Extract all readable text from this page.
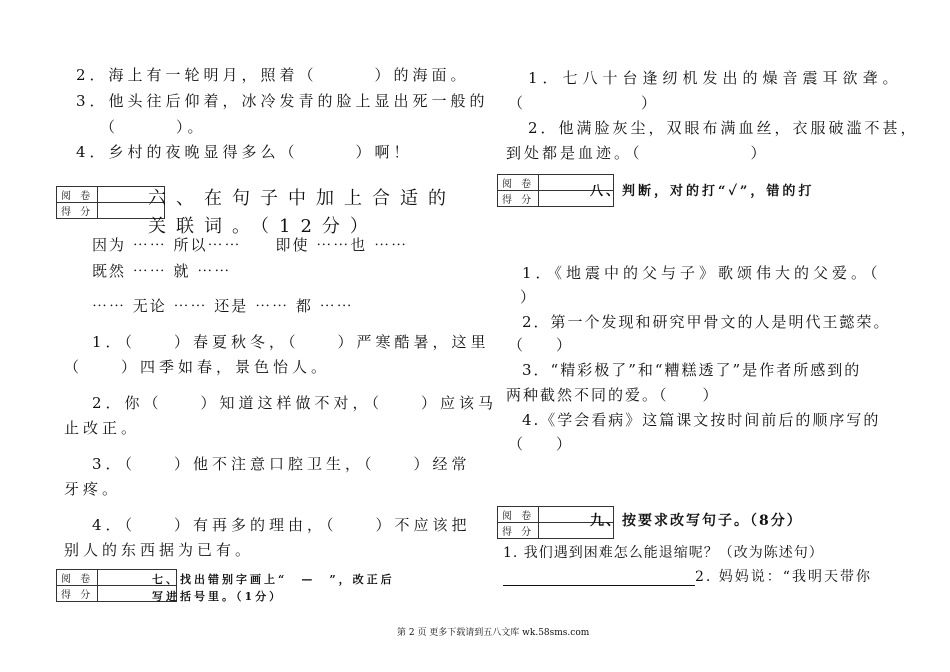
2．海上有一轮明月，照着（　　　）的海面。
3．他头往后仰着，冰冷发青的脸上显出死一般的
（　　　）。
4．乡村的夜晚显得多么（　　　）啊！
阅 卷	
得 分	
六、在句子中加上合适的
关联词。（12分）
因为 ⋯⋯ 所以⋯⋯　　即使 ⋯⋯也 ⋯⋯
既然 ⋯⋯ 就 ⋯⋯
⋯⋯ 无论 ⋯⋯ 还是 ⋯⋯ 都 ⋯⋯
1．（　　）春夏秋冬，（　　）严寒酷暑，这里
（　　）四季如春，景色怡人。
2．你（　　）知道这样做不对，（　　）应该马
止改正。
3．（　　）他不注意口腔卫生，（　　）经常
牙疼。
4．（　　）有再多的理由，（　　）不应该把
别人的东西据为已有。
阅 卷	
得 分	
七、找出错别字画上“　—　”，改正后
写进括号里。（1分）
1．七八十台逢纫机发出的燥音震耳欲聋。
（　　　　　　）
2．他满脸灰尘，双眼布满血丝，衣服破滥不甚，
到处都是血迹。（　　　　　　）
阅 卷	
得 分	
八、判断，对的打“✓”，错的打
1．《地震中的父与子》歌颂伟大的父爱。（
）
2．第一个发现和研究甲骨文的人是明代王懿荣。
（　　）
3．“精彩极了”和“糟糕透了”是作者所感到的
两种截然不同的爱。（　　）
4.《学会看病》这篇课文按时间前后的顺序写的
（　　）
阅 卷	
得 分	
九、按要求改写句子。（8分）
1. 我们遇到困难怎么能退缩呢？（改为陈述句）
2. 妈妈说：“我明天带你
第 2 页 更多下载请到五八文库 wk.58sms.com
